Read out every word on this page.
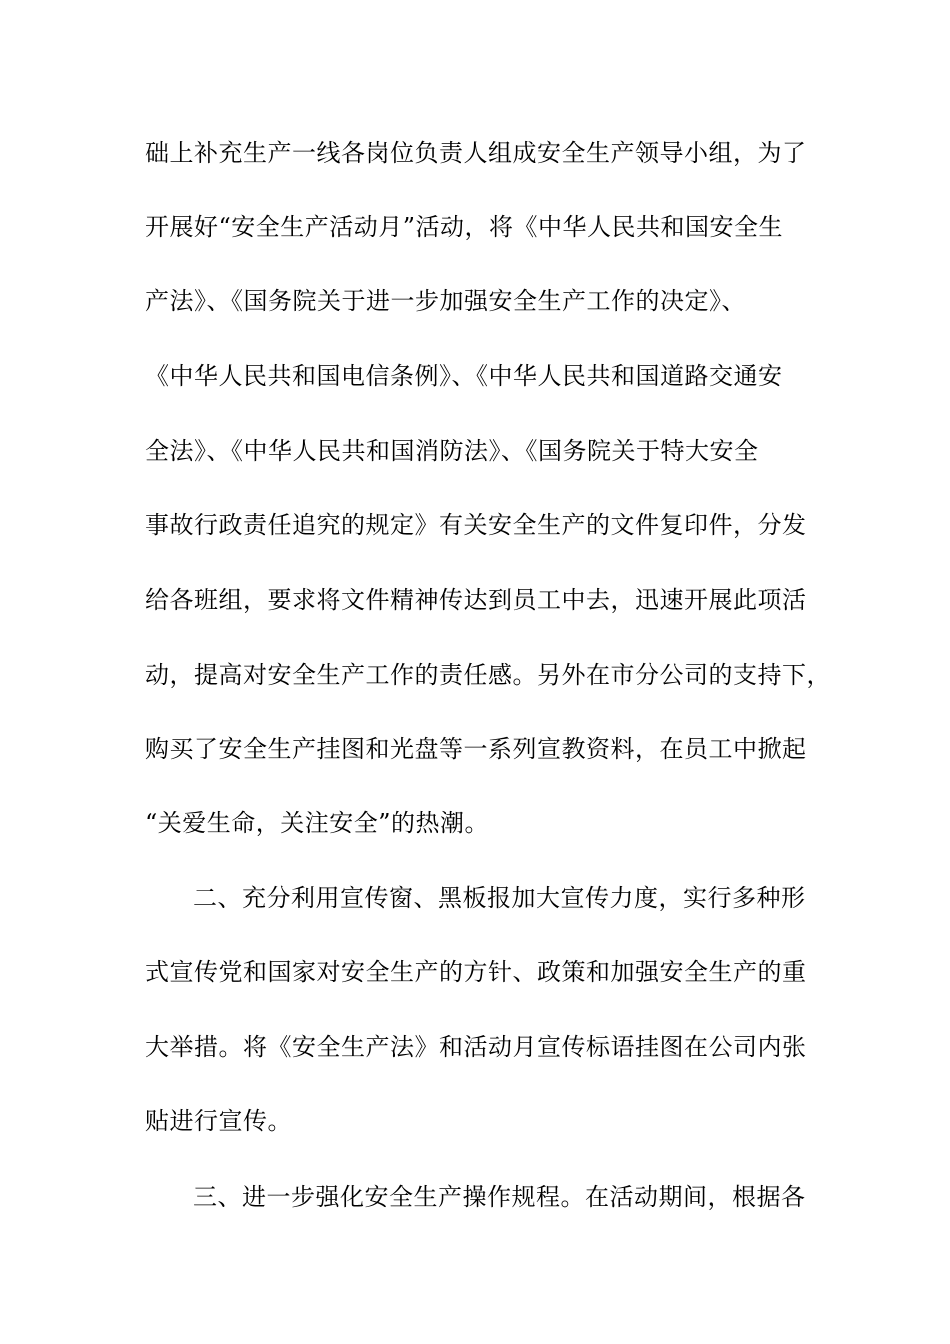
础上补充生产一线各岗位负责人组成安全生产领导小组，为了
开展好“安全生产活动月”活动，将《中华人民共和国安全生
产法》、《国务院关于进一步加强安全生产工作的决定》、
《中华人民共和国电信条例》、《中华人民共和国道路交通安
全法》、《中华人民共和国消防法》、《国务院关于特大安全
事故行政责任追究的规定》有关安全生产的文件复印件，分发
给各班组，要求将文件精神传达到员工中去，迅速开展此项活
动，提高对安全生产工作的责任感。另外在市分公司的支持下，
购买了安全生产挂图和光盘等一系列宣教资料，在员工中掀起
“关爱生命，关注安全”的热潮。
二、充分利用宣传窗、黑板报加大宣传力度，实行多种形
式宣传党和国家对安全生产的方针、政策和加强安全生产的重
大举措。将《安全生产法》和活动月宣传标语挂图在公司内张
贴进行宣传。
三、进一步强化安全生产操作规程。在活动期间，根据各
